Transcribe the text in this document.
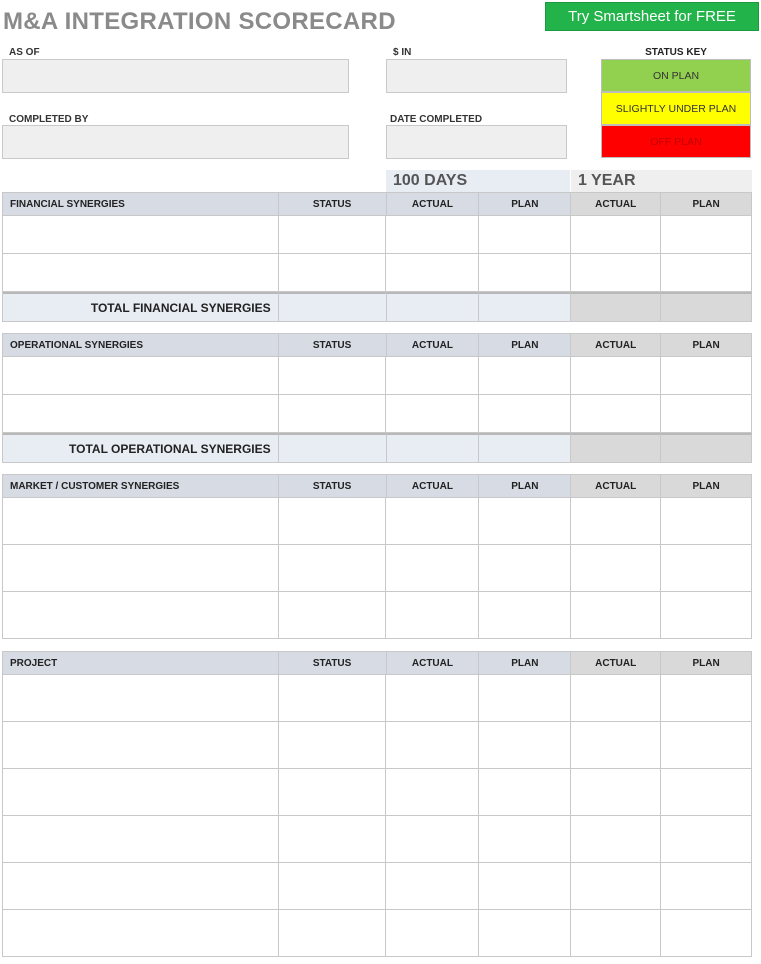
M&A INTEGRATION SCORECARD	Try Smartsheet for FREE
AS OF	$ IN
COMPLETED BY	DATE COMPLETED
STATUS KEY
ON PLAN
SLIGHTLY UNDER PLAN
OFF PLAN
100 DAYS	1 YEAR
FINANCIAL SYNERGIES	STATUS	ACTUAL	PLAN	ACTUAL	PLAN
TOTAL FINANCIAL SYNERGIES
OPERATIONAL SYNERGIES	STATUS	ACTUAL	PLAN	ACTUAL	PLAN
TOTAL OPERATIONAL SYNERGIES
MARKET / CUSTOMER SYNERGIES	STATUS	ACTUAL	PLAN	ACTUAL	PLAN
PROJECT	STATUS	ACTUAL	PLAN	ACTUAL	PLAN
